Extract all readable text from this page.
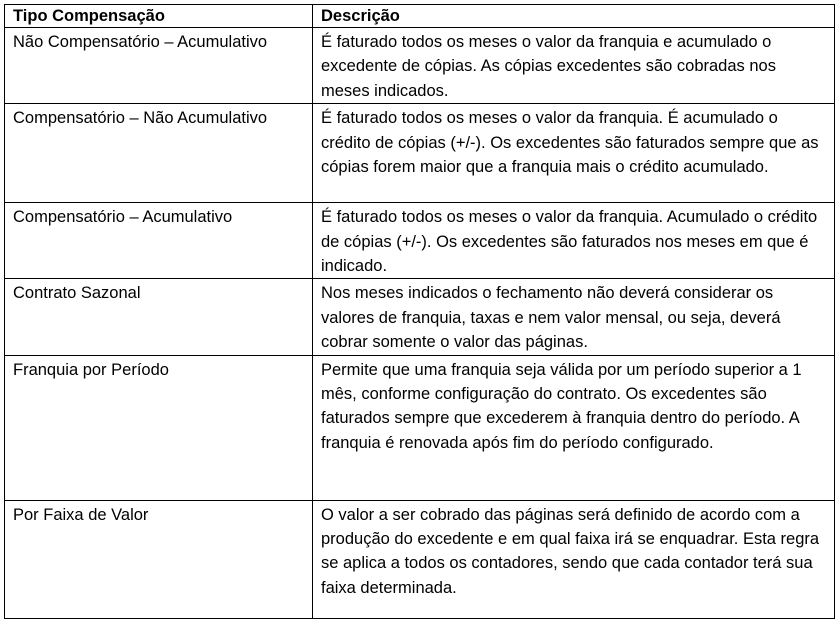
Tipo Compensação	Descrição
Não Compensatório – Acumulativo	É faturado todos os meses o valor da franquia e acumulado o excedente de cópias. As cópias excedentes são cobradas nos meses indicados.
Compensatório – Não Acumulativo	É faturado todos os meses o valor da franquia. É acumulado o crédito de cópias (+/-). Os excedentes são faturados sempre que as cópias forem maior que a franquia mais o crédito acumulado.
Compensatório – Acumulativo	É faturado todos os meses o valor da franquia. Acumulado o crédito de cópias (+/-). Os excedentes são faturados nos meses em que é indicado.
Contrato Sazonal	Nos meses indicados o fechamento não deverá considerar os valores de franquia, taxas e nem valor mensal, ou seja, deverá cobrar somente o valor das páginas.
Franquia por Período	Permite que uma franquia seja válida por um período superior a 1 mês, conforme configuração do contrato. Os excedentes são faturados sempre que excederem à franquia dentro do período. A franquia é renovada após fim do período configurado.
Por Faixa de Valor	O valor a ser cobrado das páginas será definido de acordo com a produção do excedente e em qual faixa irá se enquadrar. Esta regra se aplica a todos os contadores, sendo que cada contador terá sua faixa determinada.
